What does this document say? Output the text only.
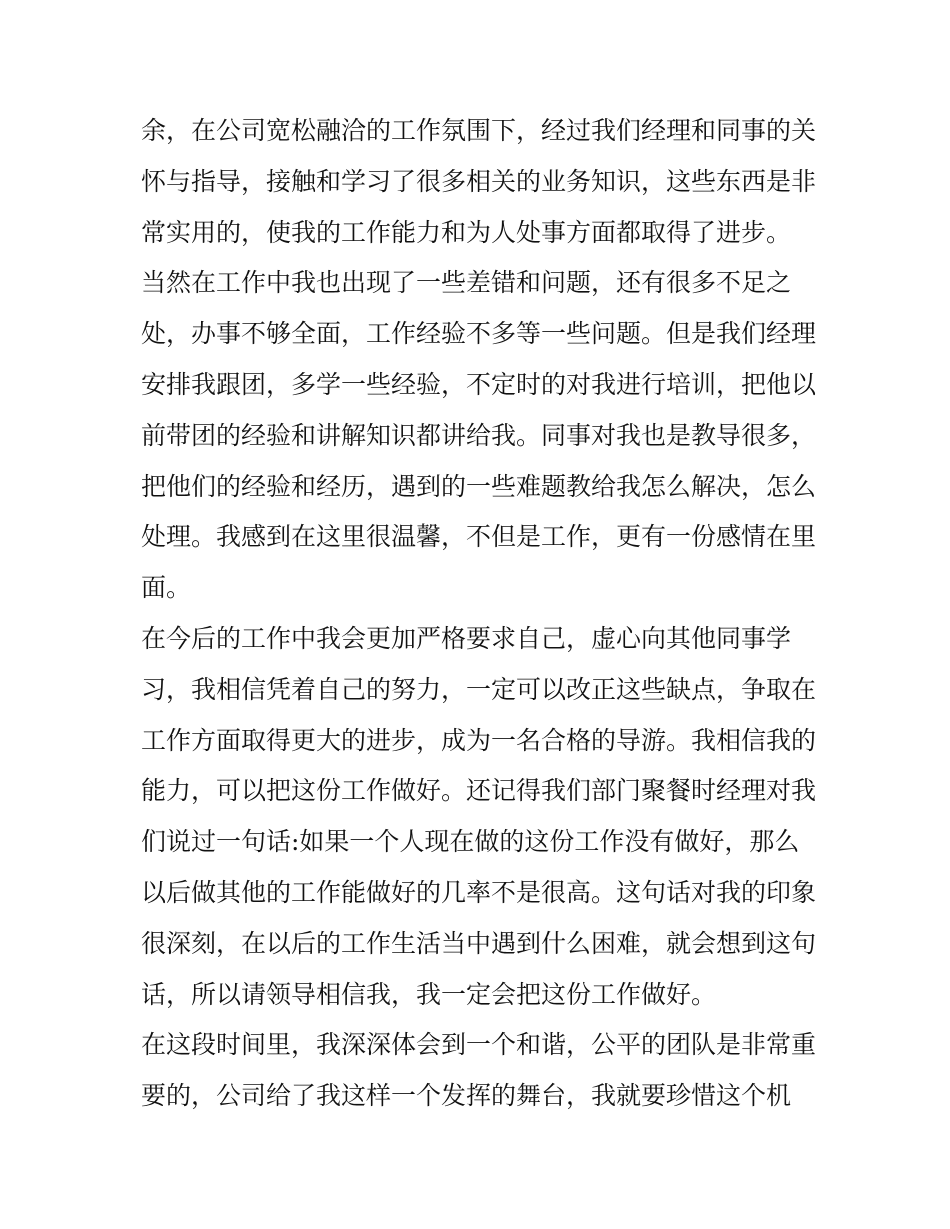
余，在公司宽松融洽的工作氛围下，经过我们经理和同事的关
怀与指导，接触和学习了很多相关的业务知识，这些东西是非
常实用的，使我的工作能力和为人处事方面都取得了进步。
当然在工作中我也出现了一些差错和问题，还有很多不足之
处，办事不够全面，工作经验不多等一些问题。但是我们经理
安排我跟团，多学一些经验，不定时的对我进行培训，把他以
前带团的经验和讲解知识都讲给我。同事对我也是教导很多，
把他们的经验和经历，遇到的一些难题教给我怎么解决，怎么
处理。我感到在这里很温馨，不但是工作，更有一份感情在里
面。
在今后的工作中我会更加严格要求自己，虚心向其他同事学
习，我相信凭着自己的努力，一定可以改正这些缺点，争取在
工作方面取得更大的进步，成为一名合格的导游。我相信我的
能力，可以把这份工作做好。还记得我们部门聚餐时经理对我
们说过一句话:如果一个人现在做的这份工作没有做好，那么
以后做其他的工作能做好的几率不是很高。这句话对我的印象
很深刻，在以后的工作生活当中遇到什么困难，就会想到这句
话，所以请领导相信我，我一定会把这份工作做好。
在这段时间里，我深深体会到一个和谐，公平的团队是非常重
要的，公司给了我这样一个发挥的舞台，我就要珍惜这个机
